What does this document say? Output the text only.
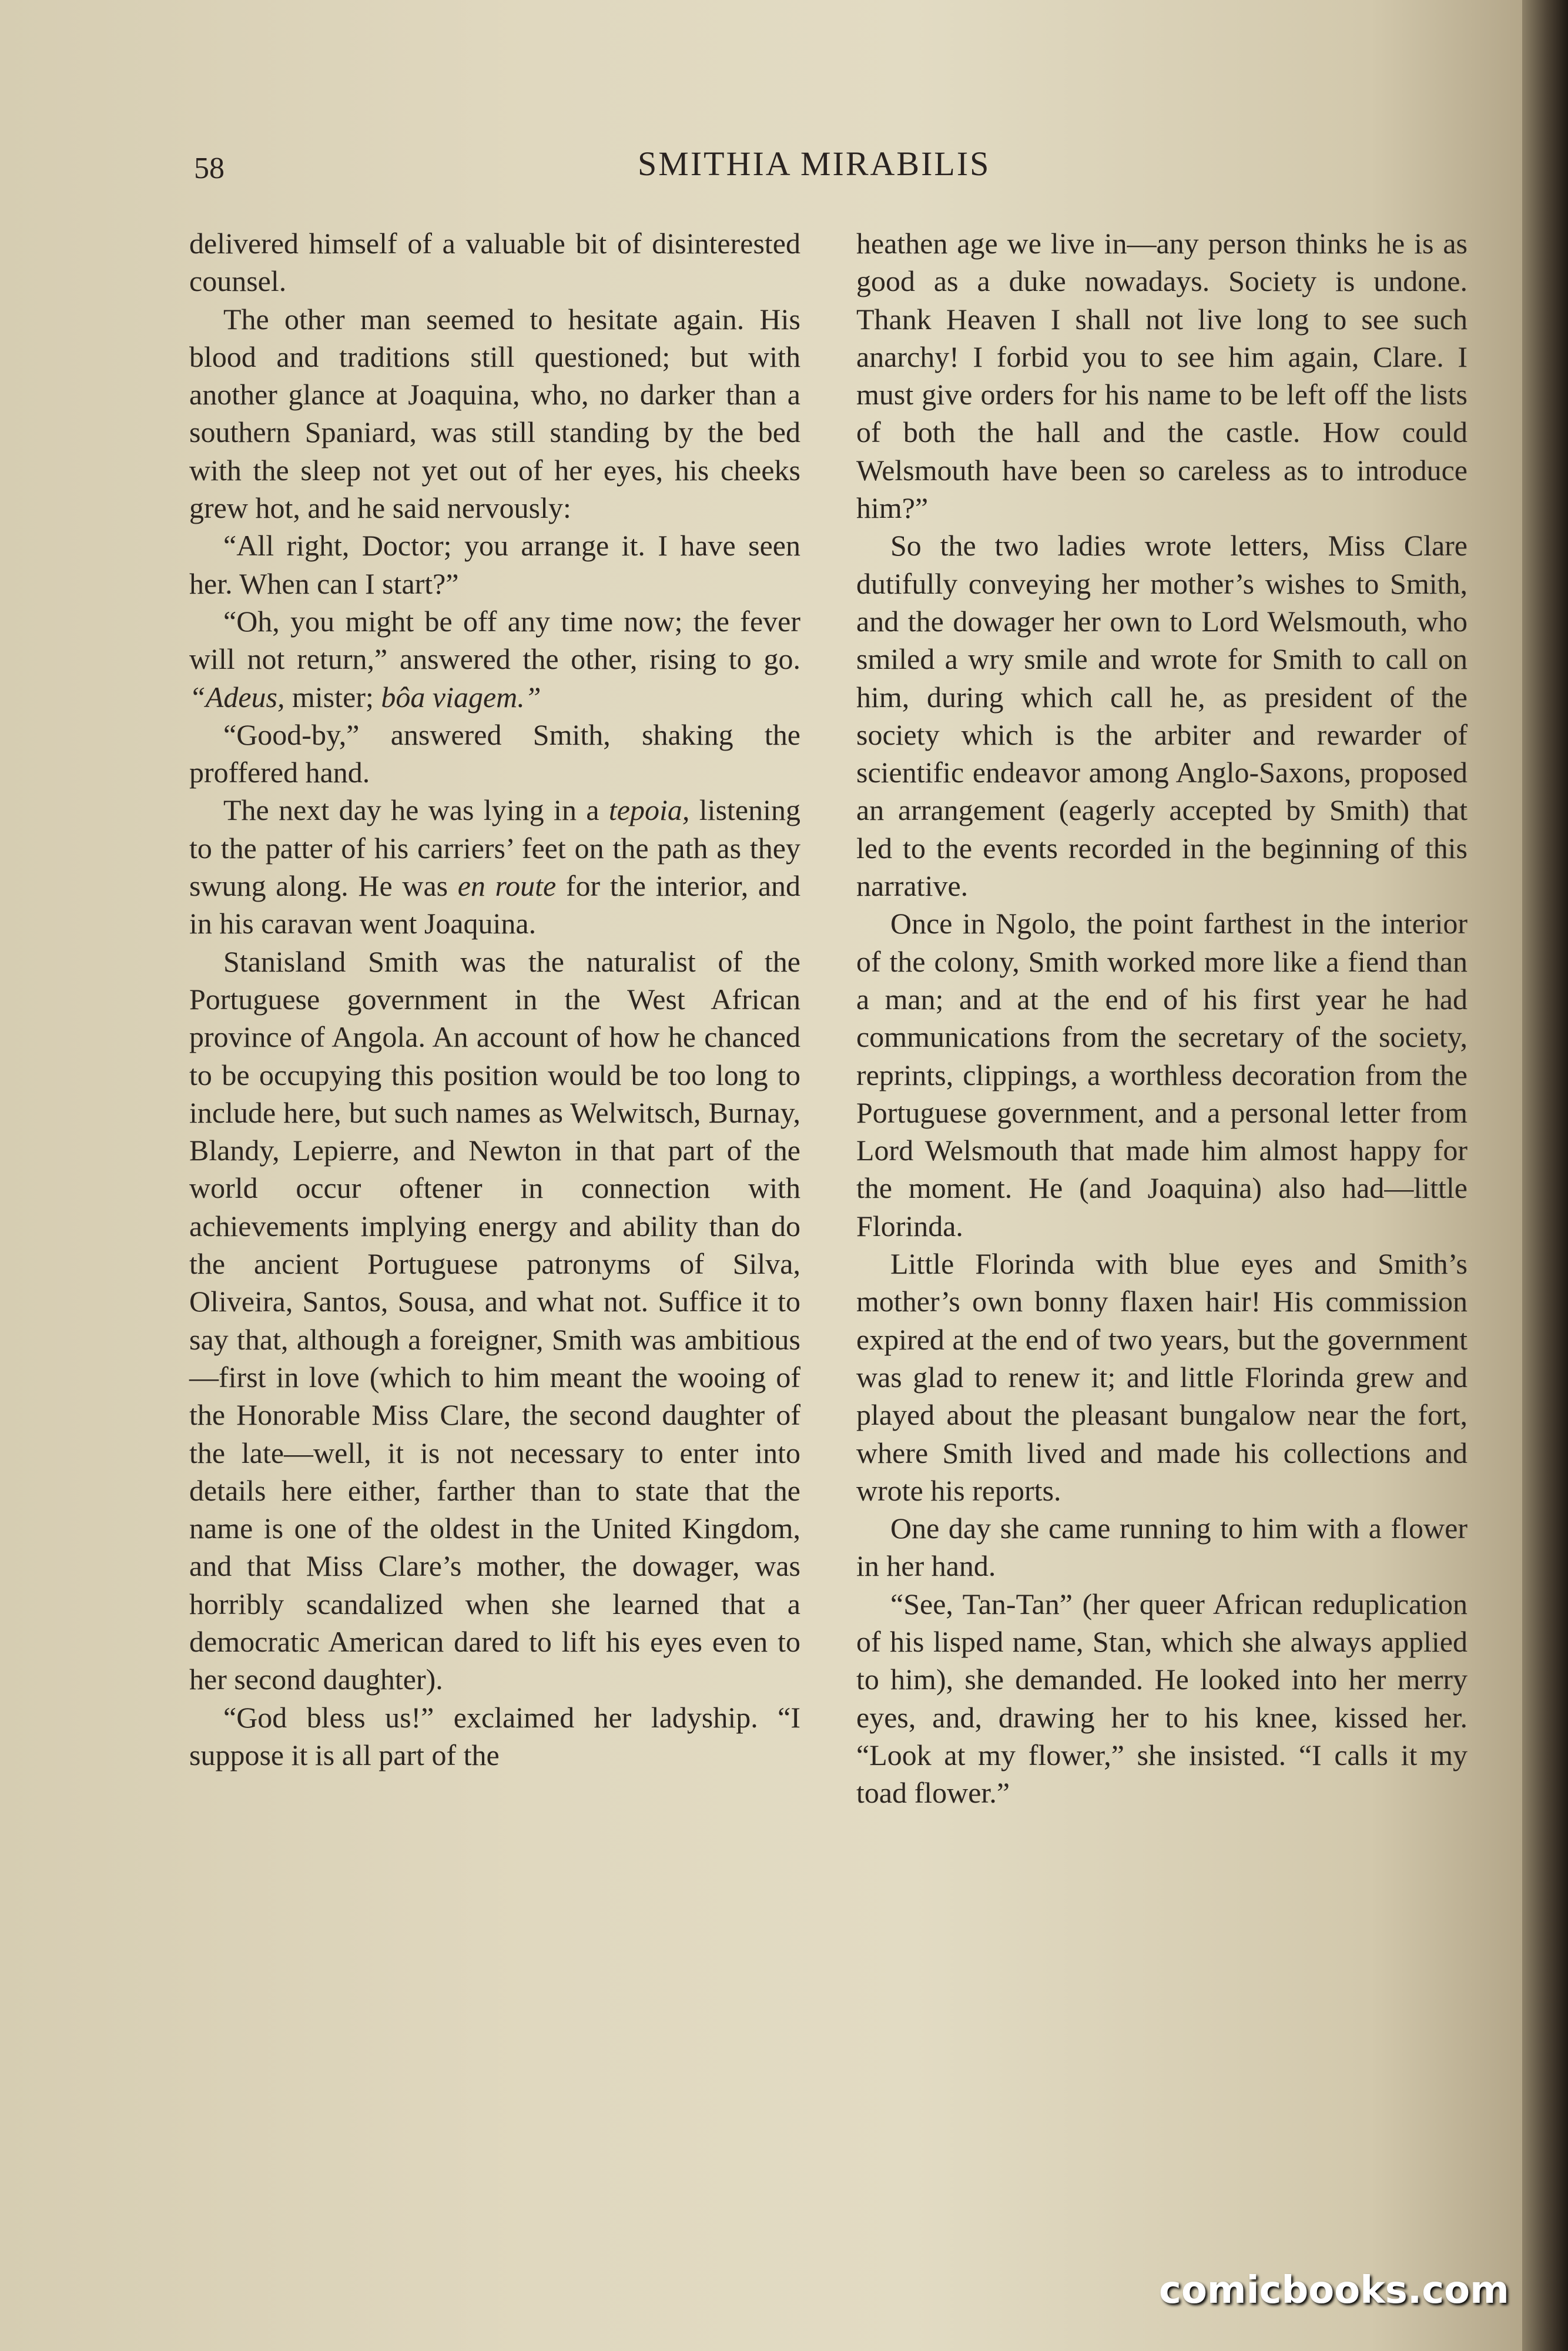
58	SMITHIA MIRABILIS

delivered himself of a valuable bit of disinterested counsel.

The other man seemed to hesitate again. His blood and traditions still questioned; but with another glance at Joaquina, who, no darker than a southern Spaniard, was still standing by the bed with the sleep not yet out of her eyes, his cheeks grew hot, and he said nervously:

“All right, Doctor; you arrange it. I have seen her. When can I start?”

“Oh, you might be off any time now; the fever will not return,” answered the other, rising to go. “Adeus, mister; bôa viagem.”

“Good-by,” answered Smith, shaking the proffered hand.

The next day he was lying in a tepoia, listening to the patter of his carriers’ feet on the path as they swung along. He was en route for the interior, and in his caravan went Joaquina.

Stanisland Smith was the naturalist of the Portuguese government in the West African province of Angola. An account of how he chanced to be occupying this position would be too long to include here, but such names as Welwitsch, Burnay, Blandy, Lepierre, and Newton in that part of the world occur oftener in connection with achievements implying energy and ability than do the ancient Portuguese patronyms of Silva, Oliveira, Santos, Sousa, and what not. Suffice it to say that, although a foreigner, Smith was ambitious—first in love (which to him meant the wooing of the Honorable Miss Clare, the second daughter of the late—well, it is not necessary to enter into details here either, farther than to state that the name is one of the oldest in the United Kingdom, and that Miss Clare’s mother, the dowager, was horribly scandalized when she learned that a democratic American dared to lift his eyes even to her second daughter).

“God bless us!” exclaimed her ladyship. “I suppose it is all part of the

heathen age we live in—any person thinks he is as good as a duke nowadays. Society is undone. Thank Heaven I shall not live long to see such anarchy! I forbid you to see him again, Clare. I must give orders for his name to be left off the lists of both the hall and the castle. How could Welsmouth have been so careless as to introduce him?”

So the two ladies wrote letters, Miss Clare dutifully conveying her mother’s wishes to Smith, and the dowager her own to Lord Welsmouth, who smiled a wry smile and wrote for Smith to call on him, during which call he, as president of the society which is the arbiter and rewarder of scientific endeavor among Anglo-Saxons, proposed an arrangement (eagerly accepted by Smith) that led to the events recorded in the beginning of this narrative.

Once in Ngolo, the point farthest in the interior of the colony, Smith worked more like a fiend than a man; and at the end of his first year he had communications from the secretary of the society, reprints, clippings, a worthless decoration from the Portuguese government, and a personal letter from Lord Welsmouth that made him almost happy for the moment. He (and Joaquina) also had—little Florinda.

Little Florinda with blue eyes and Smith’s mother’s own bonny flaxen hair! His commission expired at the end of two years, but the government was glad to renew it; and little Florinda grew and played about the pleasant bungalow near the fort, where Smith lived and made his collections and wrote his reports.

One day she came running to him with a flower in her hand.

“See, Tan-Tan” (her queer African reduplication of his lisped name, Stan, which she always applied to him), she demanded. He looked into her merry eyes, and, drawing her to his knee, kissed her. “Look at my flower,” she insisted. “I calls it my toad flower.”

comicbooks.com
